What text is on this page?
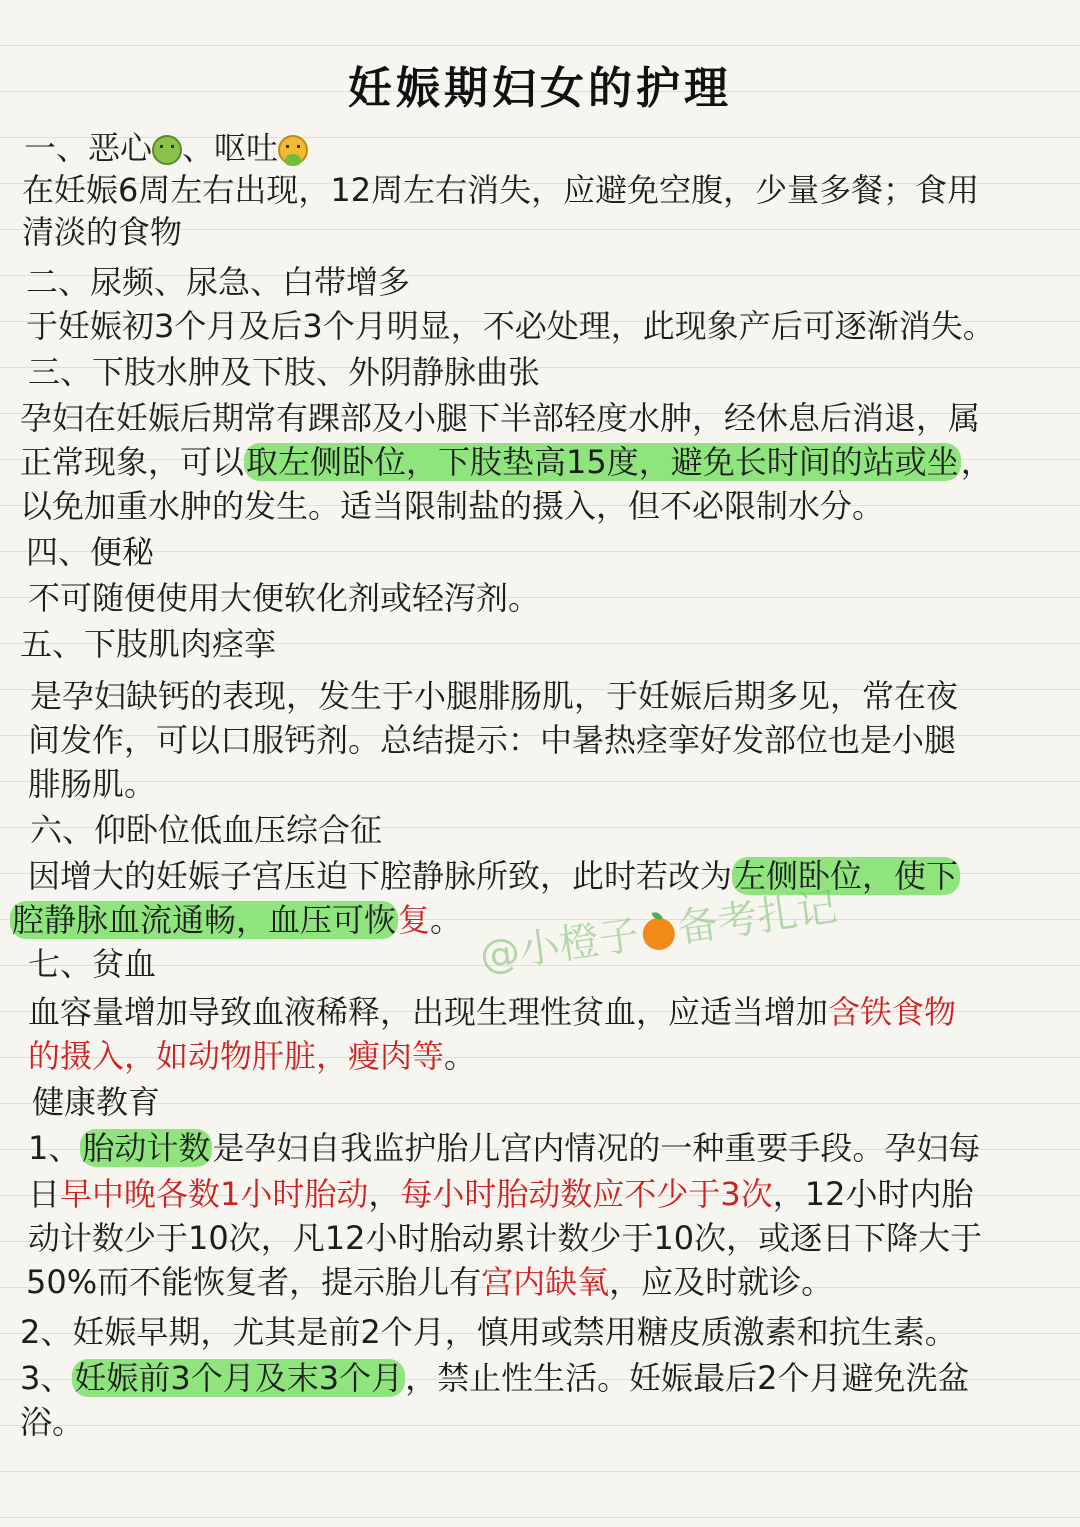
妊娠期妇女的护理
一、恶心 、呕吐
在妊娠6周左右出现，12周左右消失，应避免空腹，少量多餐；食用
清淡的食物
二、尿频、尿急、白带增多
于妊娠初3个月及后3个月明显，不必处理，此现象产后可逐渐消失。
三、下肢水肿及下肢、外阴静脉曲张
孕妇在妊娠后期常有踝部及小腿下半部轻度水肿，经休息后消退，属
正常现象，可以取左侧卧位，下肢垫高15度，避免长时间的站或坐，
以免加重水肿的发生。适当限制盐的摄入，但不必限制水分。
四、便秘
不可随便使用大便软化剂或轻泻剂。
五、下肢肌肉痉挛
是孕妇缺钙的表现，发生于小腿腓肠肌，于妊娠后期多见，常在夜
间发作，可以口服钙剂。总结提示：中暑热痉挛好发部位也是小腿
腓肠肌。
六、仰卧位低血压综合征
因增大的妊娠子宫压迫下腔静脉所致，此时若改为左侧卧位，使下
腔静脉血流通畅，血压可恢复。 @小橙子 备考扎记
七、贫血
血容量增加导致血液稀释，出现生理性贫血，应适当增加含铁食物
的摄入，如动物肝脏，瘦肉等。
健康教育
1、胎动计数是孕妇自我监护胎儿宫内情况的一种重要手段。孕妇每
日早中晚各数1小时胎动，每小时胎动数应不少于3次，12小时内胎
动计数少于10次，凡12小时胎动累计数少于10次，或逐日下降大于
50%而不能恢复者，提示胎儿有宫内缺氧，应及时就诊。
2、妊娠早期，尤其是前2个月，慎用或禁用糖皮质激素和抗生素。
3、妊娠前3个月及末3个月，禁止性生活。妊娠最后2个月避免洗盆
浴。
